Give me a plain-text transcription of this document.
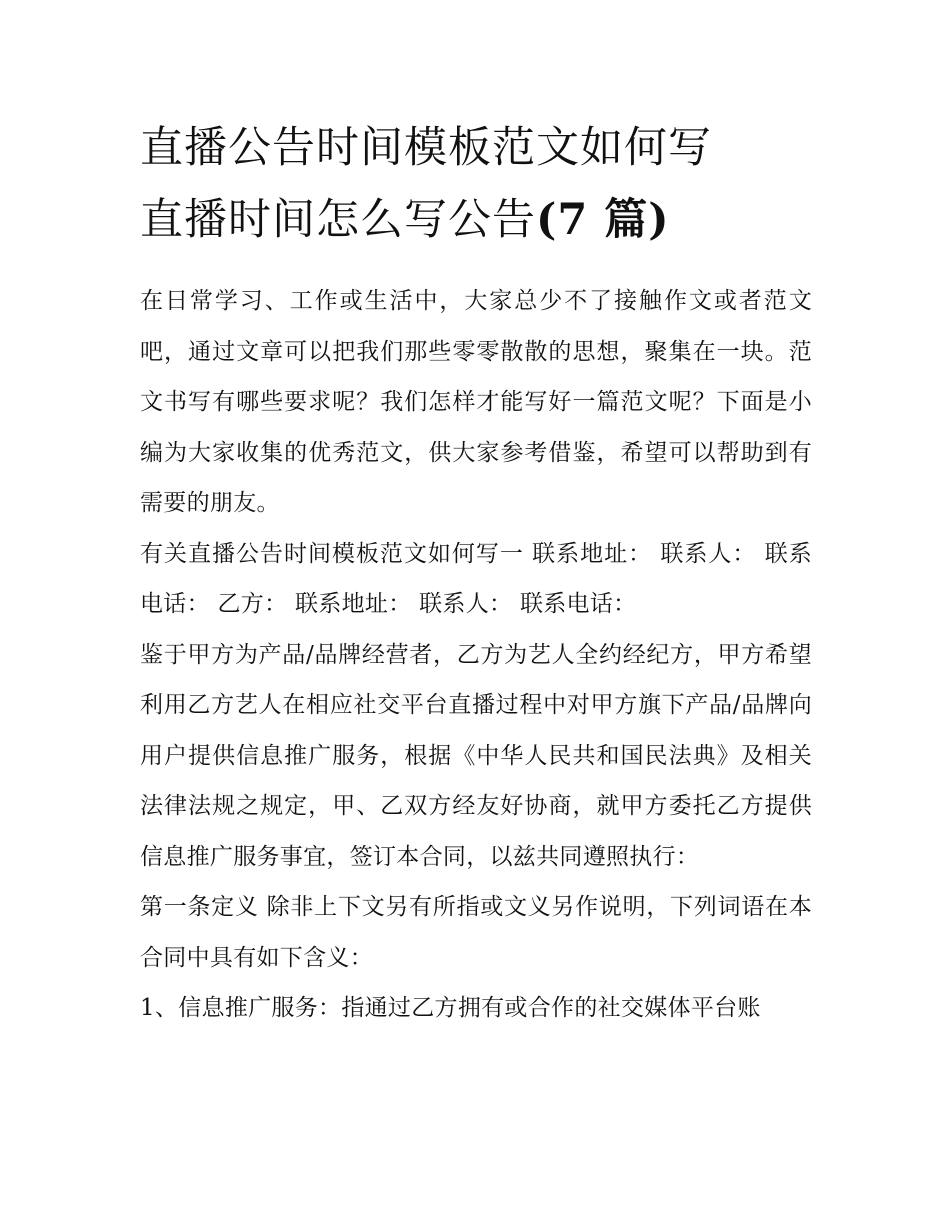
直播公告时间模板范文如何写
直播时间怎么写公告(7 篇)

在日常学习、工作或生活中，大家总少不了接触作文或者范文吧，通过文章可以把我们那些零零散散的思想，聚集在一块。范文书写有哪些要求呢？我们怎样才能写好一篇范文呢？下面是小编为大家收集的优秀范文，供大家参考借鉴，希望可以帮助到有需要的朋友。

有关直播公告时间模板范文如何写一 联系地址： 联系人： 联系电话： 乙方： 联系地址： 联系人： 联系电话：

鉴于甲方为产品/品牌经营者，乙方为艺人全约经纪方，甲方希望利用乙方艺人在相应社交平台直播过程中对甲方旗下产品/品牌向用户提供信息推广服务，根据《中华人民共和国民法典》及相关法律法规之规定，甲、乙双方经友好协商，就甲方委托乙方提供信息推广服务事宜，签订本合同，以兹共同遵照执行：

第一条定义 除非上下文另有所指或文义另作说明，下列词语在本合同中具有如下含义：

1、信息推广服务：指通过乙方拥有或合作的社交媒体平台账
